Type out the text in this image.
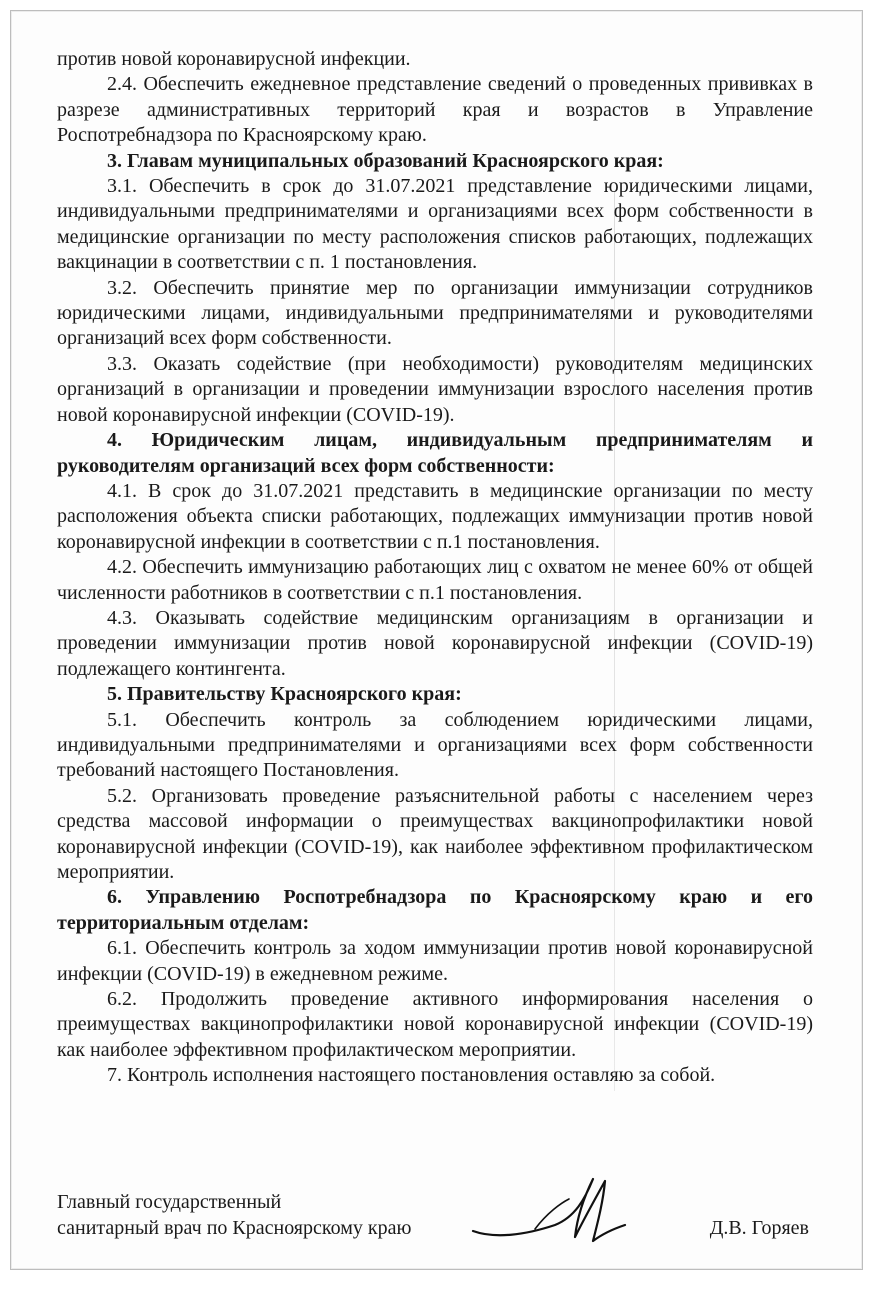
против новой коронавирусной инфекции.

2.4. Обеспечить ежедневное представление сведений о проведенных прививках в разрезе административных территорий края и возрастов в Управление Роспотребнадзора по Красноярскому краю.

3. Главам муниципальных образований Красноярского края:

3.1. Обеспечить в срок до 31.07.2021 представление юридическими лицами, индивидуальными предпринимателями и организациями всех форм собственности в медицинские организации по месту расположения списков работающих, подлежащих вакцинации в соответствии с п. 1 постановления.

3.2. Обеспечить принятие мер по организации иммунизации сотрудников юридическими лицами, индивидуальными предпринимателями и руководителями организаций всех форм собственности.

3.3. Оказать содействие (при необходимости) руководителям медицинских организаций в организации и проведении иммунизации взрослого населения против новой коронавирусной инфекции (COVID-19).

4. Юридическим лицам, индивидуальным предпринимателям и руководителям организаций всех форм собственности:

4.1. В срок до 31.07.2021 представить в медицинские организации по месту расположения объекта списки работающих, подлежащих иммунизации против новой коронавирусной инфекции в соответствии с п.1 постановления.

4.2. Обеспечить иммунизацию работающих лиц с охватом не менее 60% от общей численности работников в соответствии с п.1 постановления.

4.3. Оказывать содействие медицинским организациям в организации и проведении иммунизации против новой коронавирусной инфекции (COVID-19) подлежащего контингента.

5. Правительству Красноярского края:

5.1. Обеспечить контроль за соблюдением юридическими лицами, индивидуальными предпринимателями и организациями всех форм собственности требований настоящего Постановления.

5.2. Организовать проведение разъяснительной работы с населением через средства массовой информации о преимуществах вакцинопрофилактики новой коронавирусной инфекции (COVID-19), как наиболее эффективном профилактическом мероприятии.

6. Управлению Роспотребнадзора по Красноярскому краю и его территориальным отделам:

6.1. Обеспечить контроль за ходом иммунизации против новой коронавирусной инфекции (COVID-19) в ежедневном режиме.

6.2. Продолжить проведение активного информирования населения о преимуществах вакцинопрофилактики новой коронавирусной инфекции (COVID-19) как наиболее эффективном профилактическом мероприятии.

7. Контроль исполнения настоящего постановления оставляю за собой.

Главный государственный
санитарный врач по Красноярскому краю	Д.В. Горяев
